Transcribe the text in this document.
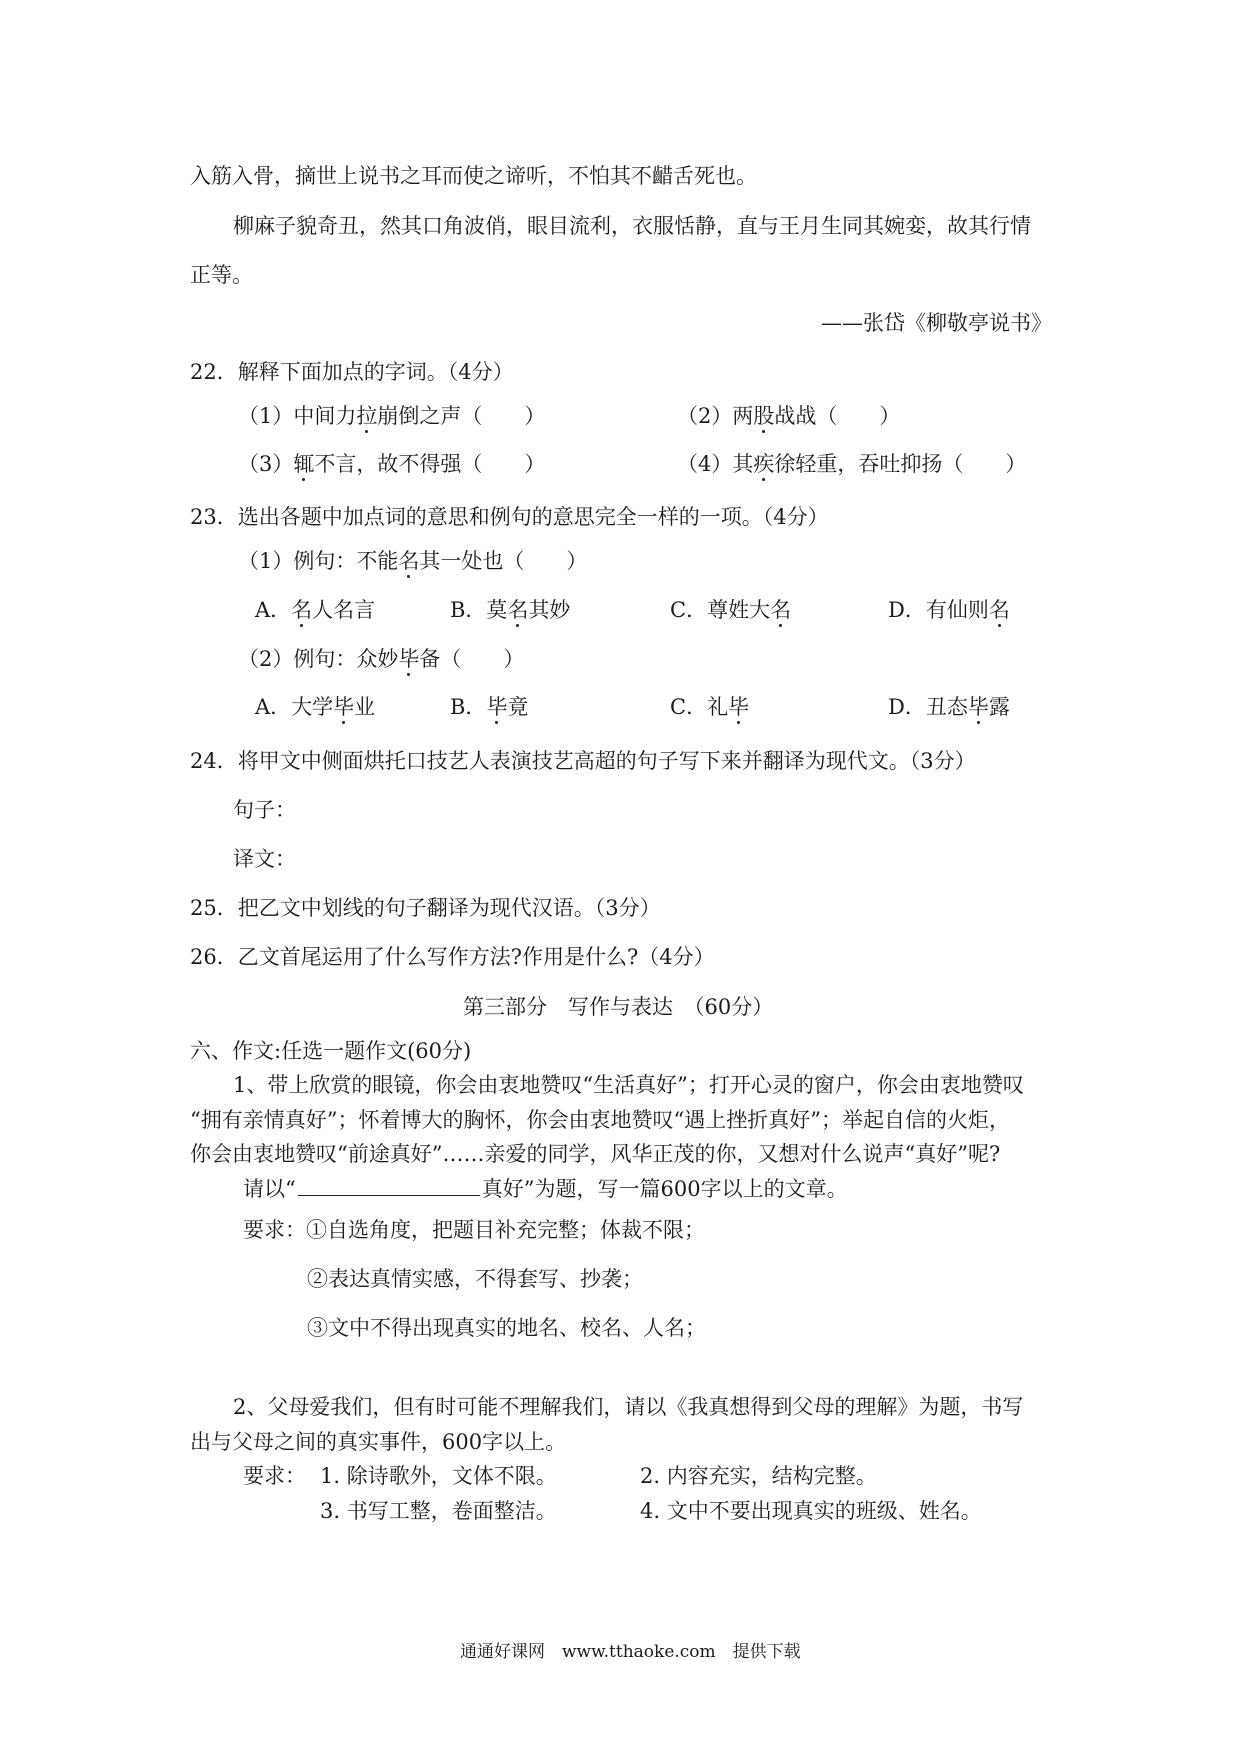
入筋入骨，摘世上说书之耳而使之谛听，不怕其不齰舌死也。
柳麻子貌奇丑，然其口角波俏，眼目流利，衣服恬静，直与王月生同其婉娈，故其行情
正等。
——张岱《柳敬亭说书》
22．解释下面加点的字词。（4分）
（1）中间力拉崩倒之声（　　）	（2）两股战战（　　）
（3）辄不言，故不得强（　　）	（4）其疾徐轻重，吞吐抑扬（　　）
23．选出各题中加点词的意思和例句的意思完全一样的一项。（4分）
（1）例句：不能名其一处也（　　）
A．名人名言	B．莫名其妙	C．尊姓大名	D．有仙则名
（2）例句：众妙毕备（　　）
A．大学毕业	B．毕竟	C．礼毕	D．丑态毕露
24．将甲文中侧面烘托口技艺人表演技艺高超的句子写下来并翻译为现代文。（3分）
句子：
译文：
25．把乙文中划线的句子翻译为现代汉语。（3分）
26．乙文首尾运用了什么写作方法?作用是什么?（4分）
第三部分　写作与表达　（60分）
六、作文:任选一题作文(60分)
1、带上欣赏的眼镜，你会由衷地赞叹“生活真好”；打开心灵的窗户，你会由衷地赞叹
“拥有亲情真好”；怀着博大的胸怀，你会由衷地赞叹“遇上挫折真好”；举起自信的火炬，
你会由衷地赞叹“前途真好”……亲爱的同学，风华正茂的你，又想对什么说声“真好”呢?
请以“	真好”为题，写一篇600字以上的文章。
要求：①自选角度，把题目补充完整；体裁不限；
②表达真情实感，不得套写、抄袭；
③文中不得出现真实的地名、校名、人名；
2、父母爱我们，但有时可能不理解我们，请以《我真想得到父母的理解》为题，书写
出与父母之间的真实事件，600字以上。
要求： 1. 除诗歌外，文体不限。	2. 内容充实，结构完整。
3. 书写工整，卷面整洁。	4. 文中不要出现真实的班级、姓名。
通通好课网　www.tthaoke.com　提供下载
